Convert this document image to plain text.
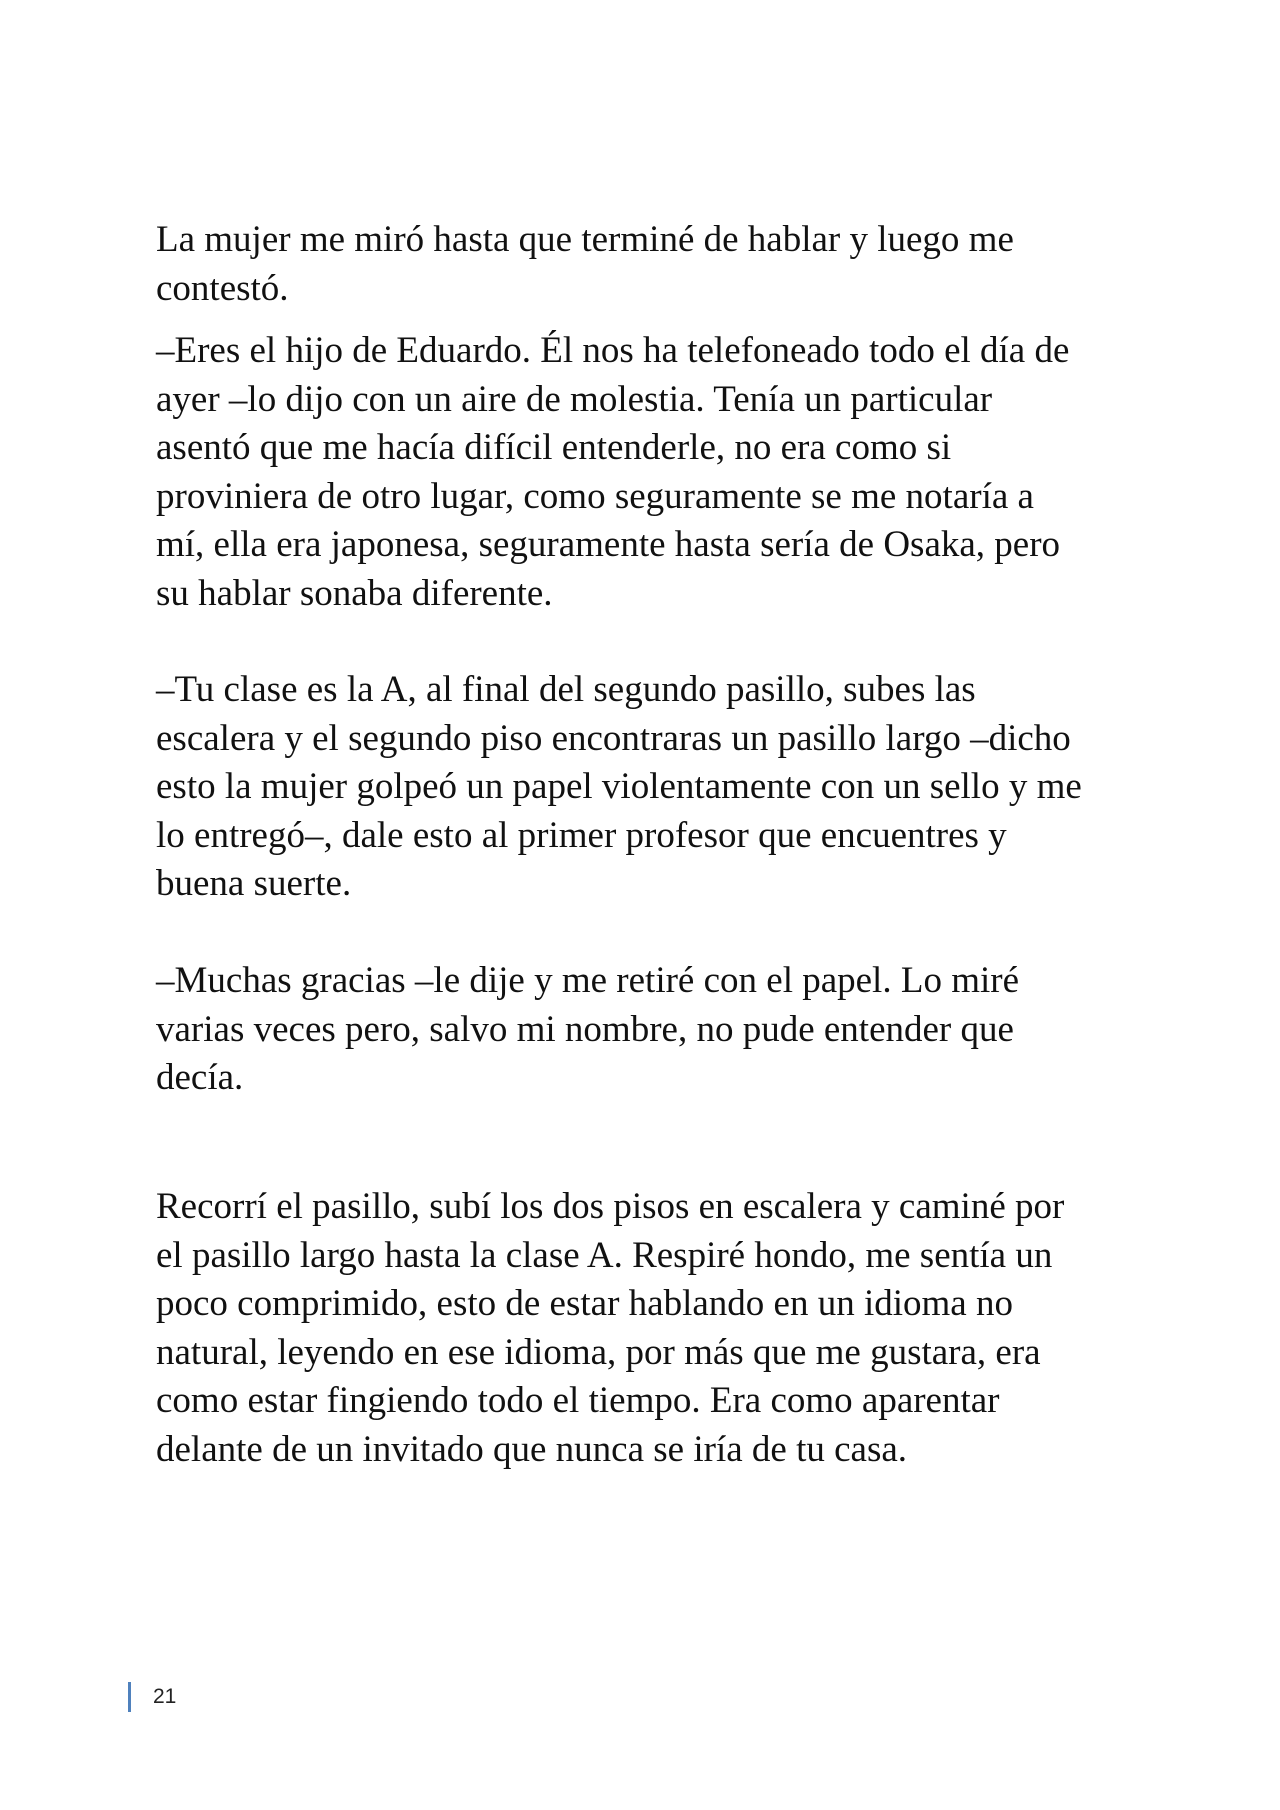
La mujer me miró hasta que terminé de hablar y luego me
contestó.

–Eres el hijo de Eduardo. Él nos ha telefoneado todo el día de
ayer –lo dijo con un aire de molestia. Tenía un particular
asentó que me hacía difícil entenderle, no era como si
proviniera de otro lugar, como seguramente se me notaría a
mí, ella era japonesa, seguramente hasta sería de Osaka, pero
su hablar sonaba diferente.

–Tu clase es la A, al final del segundo pasillo, subes las
escalera y el segundo piso encontraras un pasillo largo –dicho
esto la mujer golpeó un papel violentamente con un sello y me
lo entregó–, dale esto al primer profesor que encuentres y
buena suerte.

–Muchas gracias –le dije y me retiré con el papel. Lo miré
varias veces pero, salvo mi nombre, no pude entender que
decía.

Recorrí el pasillo, subí los dos pisos en escalera y caminé por
el pasillo largo hasta la clase A. Respiré hondo, me sentía un
poco comprimido, esto de estar hablando en un idioma no
natural, leyendo en ese idioma, por más que me gustara, era
como estar fingiendo todo el tiempo. Era como aparentar
delante de un invitado que nunca se iría de tu casa.

21
